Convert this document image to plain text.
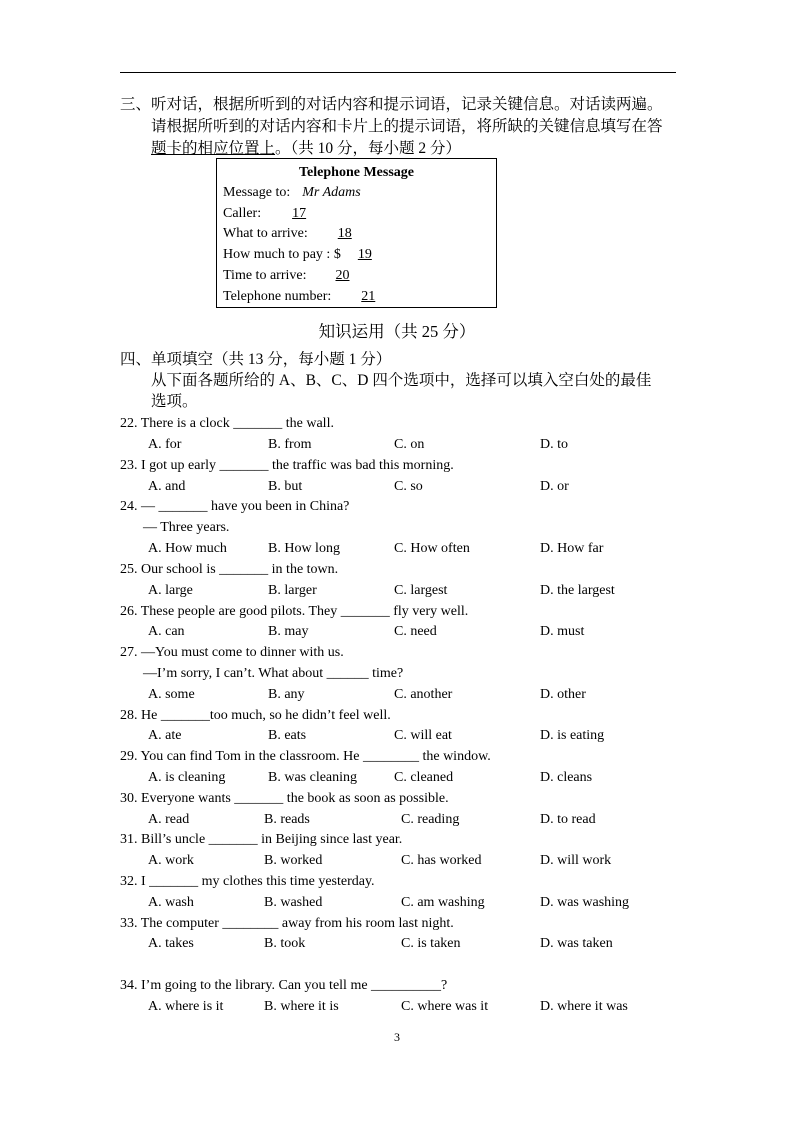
三、听对话，根据所听到的对话内容和提示词语，记录关键信息。对话读两遍。
请根据所听到的对话内容和卡片上的提示词语，将所缺的关键信息填写在答
题卡的相应位置上。（共 10 分，每小题 2 分）
Telephone Message
Message to: Mr Adams
Caller: 17
What to arrive: 18
How much to pay : $ 19
Time to arrive: 20
Telephone number: 21
知识运用（共 25 分）
四、单项填空（共 13 分，每小题 1 分）
从下面各题所给的 A、B、C、D 四个选项中，选择可以填入空白处的最佳
选项。
22. There is a clock _______ the wall.
A. for	B. from	C. on	D. to
23. I got up early _______ the traffic was bad this morning.
A. and	B. but	C. so	D. or
24. — _______ have you been in China?
— Three years.
A. How much	B. How long	C. How often	D. How far
25. Our school is _______ in the town.
A. large	B. larger	C. largest	D. the largest
26. These people are good pilots. They _______ fly very well.
A. can	B. may	C. need	D. must
27. —You must come to dinner with us.
—I’m sorry, I can’t. What about ______ time?
A. some	B. any	C. another	D. other
28. He _______too much, so he didn’t feel well.
A. ate	B. eats	C. will eat	D. is eating
29. You can find Tom in the classroom. He ________ the window.
A. is cleaning	B. was cleaning	C. cleaned	D. cleans
30. Everyone wants _______ the book as soon as possible.
A. read	B. reads	C. reading	D. to read
31. Bill’s uncle _______ in Beijing since last year.
A. work	B. worked	C. has worked	D. will work
32. I _______ my clothes this time yesterday.
A. wash	B. washed	C. am washing	D. was washing
33. The computer ________ away from his room last night.
A. takes	B. took	C. is taken	D. was taken
34. I’m going to the library. Can you tell me __________?
A. where is it	B. where it is	C. where was it	D. where it was
3
